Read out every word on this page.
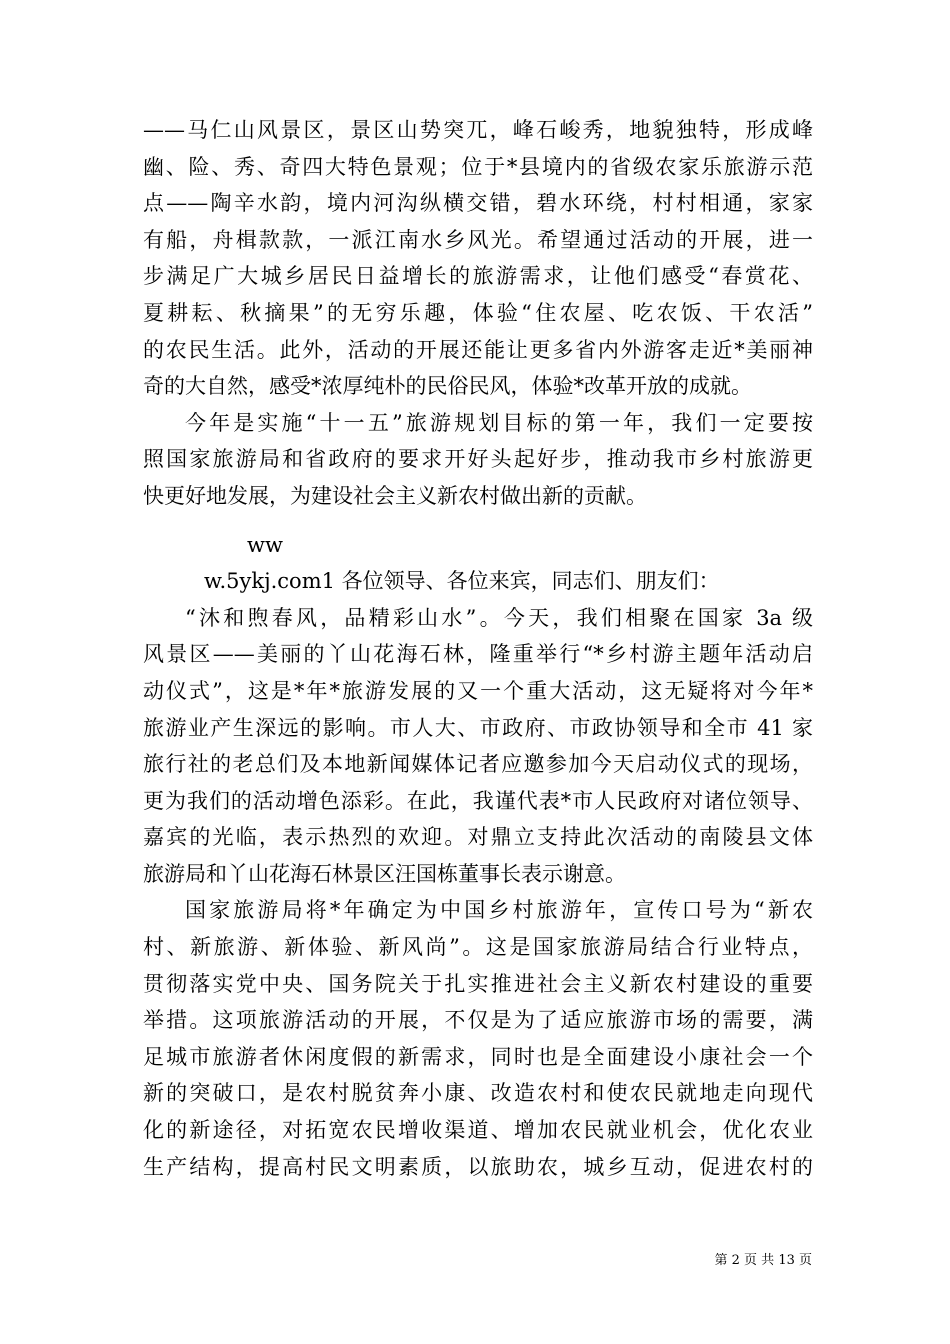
——马仁山风景区，景区山势突兀，峰石峻秀，地貌独特，形成峰
幽、险、秀、奇四大特色景观；位于*县境内的省级农家乐旅游示范
点——陶辛水韵，境内河沟纵横交错，碧水环绕，村村相通，家家
有船，舟楫款款，一派江南水乡风光。希望通过活动的开展，进一
步满足广大城乡居民日益增长的旅游需求，让他们感受“春赏花、
夏耕耘、秋摘果”的无穷乐趣，体验“住农屋、吃农饭、干农活”
的农民生活。此外，活动的开展还能让更多省内外游客走近*美丽神
奇的大自然，感受*浓厚纯朴的民俗民风，体验*改革开放的成就。
今年是实施“十一五”旅游规划目标的第一年，我们一定要按
照国家旅游局和省政府的要求开好头起好步，推动我市乡村旅游更
快更好地发展，为建设社会主义新农村做出新的贡献。
ww
w.5ykj.com1 各位领导、各位来宾，同志们、朋友们：
“沐和煦春风，品精彩山水”。今天，我们相聚在国家 3a 级
风景区——美丽的丫山花海石林，隆重举行“*乡村游主题年活动启
动仪式”，这是*年*旅游发展的又一个重大活动，这无疑将对今年*
旅游业产生深远的影响。市人大、市政府、市政协领导和全市 41 家
旅行社的老总们及本地新闻媒体记者应邀参加今天启动仪式的现场，
更为我们的活动增色添彩。在此，我谨代表*市人民政府对诸位领导、
嘉宾的光临，表示热烈的欢迎。对鼎立支持此次活动的南陵县文体
旅游局和丫山花海石林景区汪国栋董事长表示谢意。
国家旅游局将*年确定为中国乡村旅游年，宣传口号为“新农
村、新旅游、新体验、新风尚”。这是国家旅游局结合行业特点，
贯彻落实党中央、国务院关于扎实推进社会主义新农村建设的重要
举措。这项旅游活动的开展，不仅是为了适应旅游市场的需要，满
足城市旅游者休闲度假的新需求，同时也是全面建设小康社会一个
新的突破口，是农村脱贫奔小康、改造农村和使农民就地走向现代
化的新途径，对拓宽农民增收渠道、增加农民就业机会，优化农业
生产结构，提高村民文明素质，以旅助农，城乡互动，促进农村的
第 2 页 共 13 页
